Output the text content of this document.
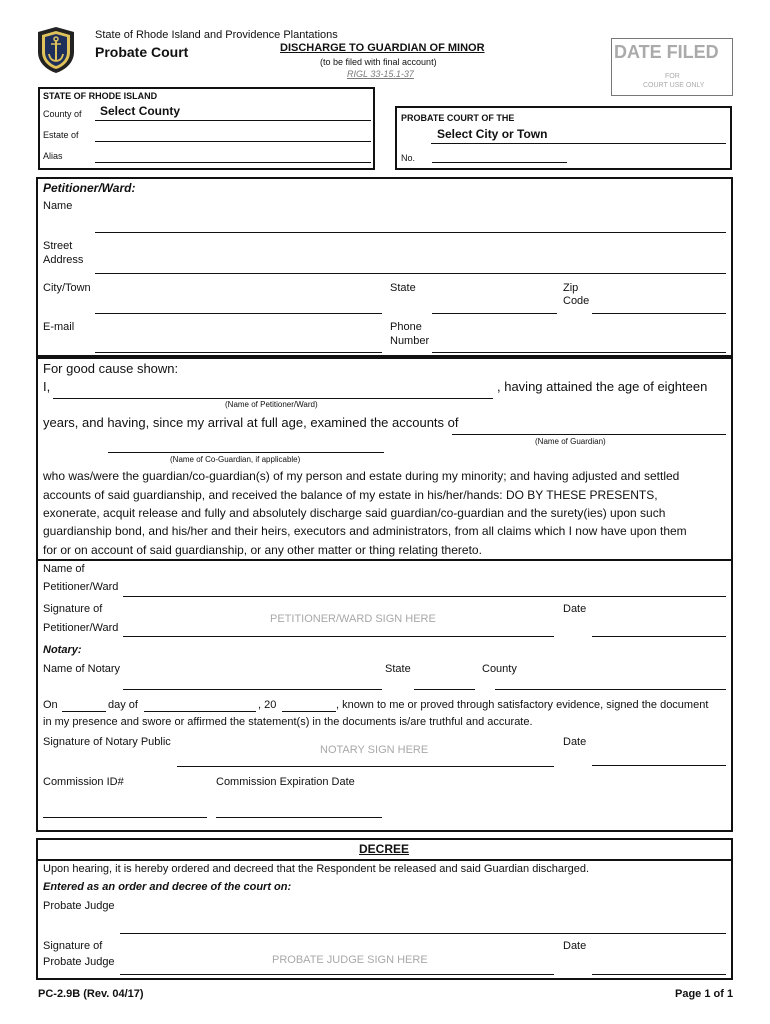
State of Rhode Island and Providence Plantations
Probate Court	DISCHARGE TO GUARDIAN OF MINOR
(to be filed with final account)
RIGL 33-15.1-37
DATE FILED
FOR
COURT USE ONLY
STATE OF RHODE ISLAND
County of Select County
Estate of
Alias
PROBATE COURT OF THE
Select City or Town
No.
Petitioner/Ward:
Name
Street
Address
City/Town	State	Zip
Code
E-mail	Phone
Number
For good cause shown:
I,	, having attained the age of eighteen
(Name of Petitioner/Ward)
years, and having, since my arrival at full age, examined the accounts of
(Name of Guardian)
(Name of Co-Guardian, if applicable)
who was/were the guardian/co-guardian(s) of my person and estate during my minority; and having adjusted and settled
accounts of said guardianship, and received the balance of my estate in his/her/hands: DO BY THESE PRESENTS,
exonerate, acquit release and fully and absolutely discharge said guardian/co-guardian and the surety(ies) upon such
guardianship bond, and his/her and their heirs, executors and administrators, from all claims which I now have upon them
for or on account of said guardianship, or any other matter or thing relating thereto.
Name of
Petitioner/Ward
Signature of
Petitioner/Ward
PETITIONER/WARD SIGN HERE
Date
Notary:
Name of Notary	State	County
On	day of	, 20	, known to me or proved through satisfactory evidence, signed the document
in my presence and swore or affirmed the statement(s) in the documents is/are truthful and accurate.
Signature of Notary Public
NOTARY SIGN HERE
Date
Commission ID#	Commission Expiration Date
DECREE
Upon hearing, it is hereby ordered and decreed that the Respondent be released and said Guardian discharged.
Entered as an order and decree of the court on:
Probate Judge
Signature of
Probate Judge	PROBATE JUDGE SIGN HERE
Date
PC-2.9B (Rev. 04/17)	Page 1 of 1
